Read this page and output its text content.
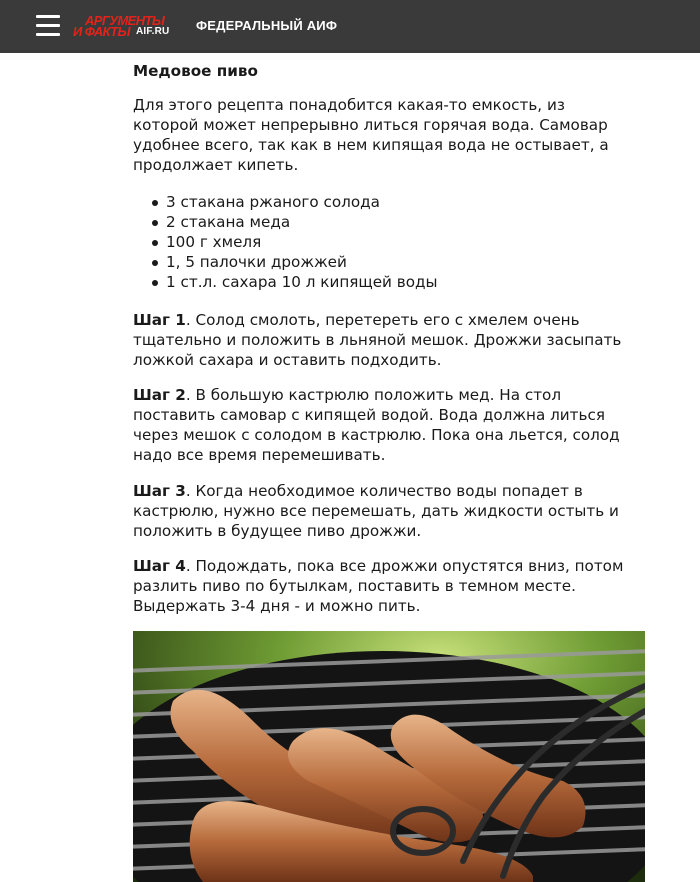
АРГУМЕНТЫ
И ФАКТЫ AIF.RU ФЕДЕРАЛЬНЫЙ АИФ
Медовое пиво
Для этого рецепта понадобится какая-то емкость, из которой может непрерывно литься горячая вода. Самовар удобнее всего, так как в нем кипящая вода не остывает, а продолжает кипеть.
3 стакана ржаного солода
2 стакана меда
100 г хмеля
1, 5 палочки дрожжей
1 ст.л. сахара 10 л кипящей воды
Шаг 1. Солод смолоть, перетереть его с хмелем очень тщательно и положить в льняной мешок. Дрожжи засыпать ложкой сахара и оставить подходить.
Шаг 2. В большую кастрюлю положить мед. На стол поставить самовар с кипящей водой. Вода должна литься через мешок с солодом в кастрюлю. Пока она льется, солод надо все время перемешивать.
Шаг 3. Когда необходимое количество воды попадет в кастрюлю, нужно все перемешать, дать жидкости остыть и положить в будущее пиво дрожжи.
Шаг 4. Подождать, пока все дрожжи опустятся вниз, потом разлить пиво по бутылкам, поставить в темном месте. Выдержать 3-4 дня - и можно пить.
